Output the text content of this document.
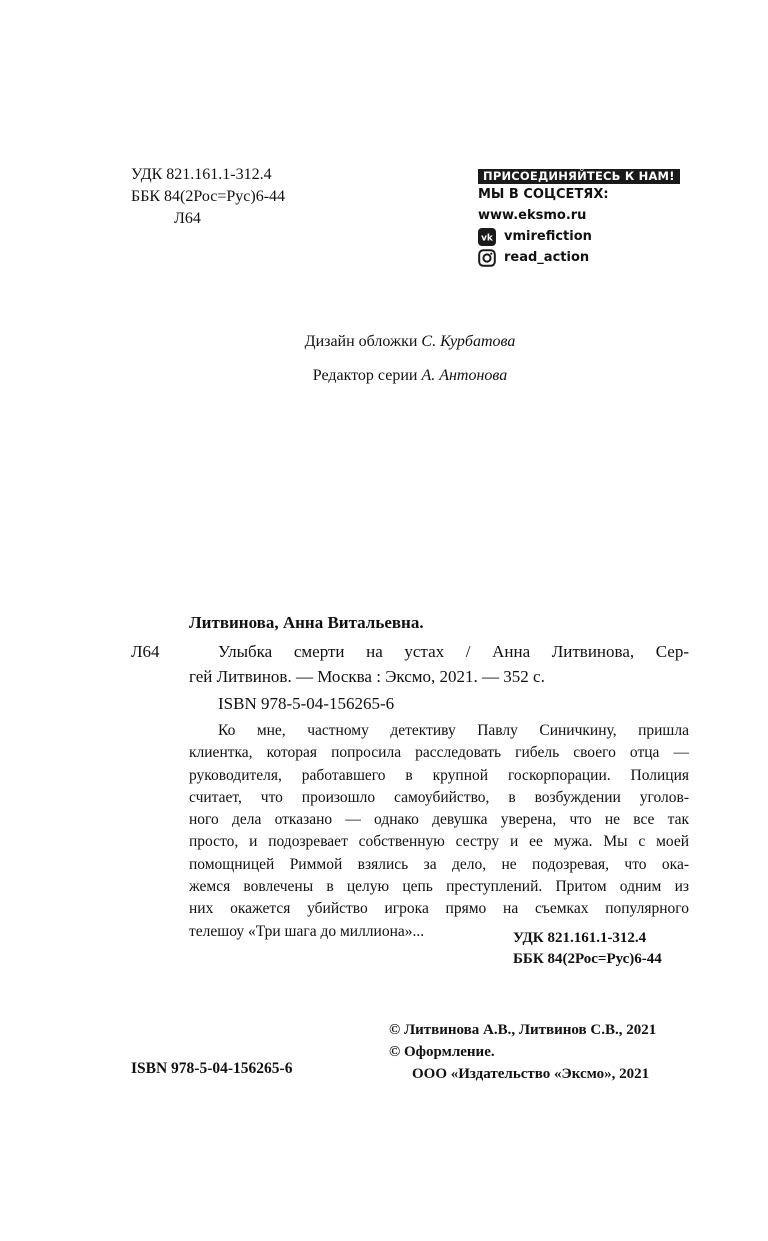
УДК 821.161.1-312.4
ББК 84(2Рос=Рус)6-44
Л64
ПРИСОЕДИНЯЙТЕСЬ К НАМ!
МЫ В СОЦСЕТЯХ:
www.eksmo.ru
vk vmirefiction
read_action
Дизайн обложки С. Курбатова
Редактор серии А. Антонова
Литвинова, Анна Витальевна.
Л64	Улыбка смерти на устах / Анна Литвинова, Сер-
гей Литвинов. — Москва : Эксмо, 2021. — 352 с.
ISBN 978-5-04-156265-6
Ко мне, частному детективу Павлу Синичкину, пришла
клиентка, которая попросила расследовать гибель своего отца —
руководителя, работавшего в крупной госкорпорации. Полиция
считает, что произошло самоубийство, в возбуждении уголов-
ного дела отказано — однако девушка уверена, что не все так
просто, и подозревает собственную сестру и ее мужа. Мы с моей
помощницей Риммой взялись за дело, не подозревая, что ока-
жемся вовлечены в целую цепь преступлений. Притом одним из
них окажется убийство игрока прямо на съемках популярного
телешоу «Три шага до миллиона»...	УДК 821.161.1-312.4
ББК 84(2Рос=Рус)6-44
© Литвинова А.В., Литвинов С.В., 2021
© Оформление.
ООО «Издательство «Эксмо», 2021
ISBN 978-5-04-156265-6
